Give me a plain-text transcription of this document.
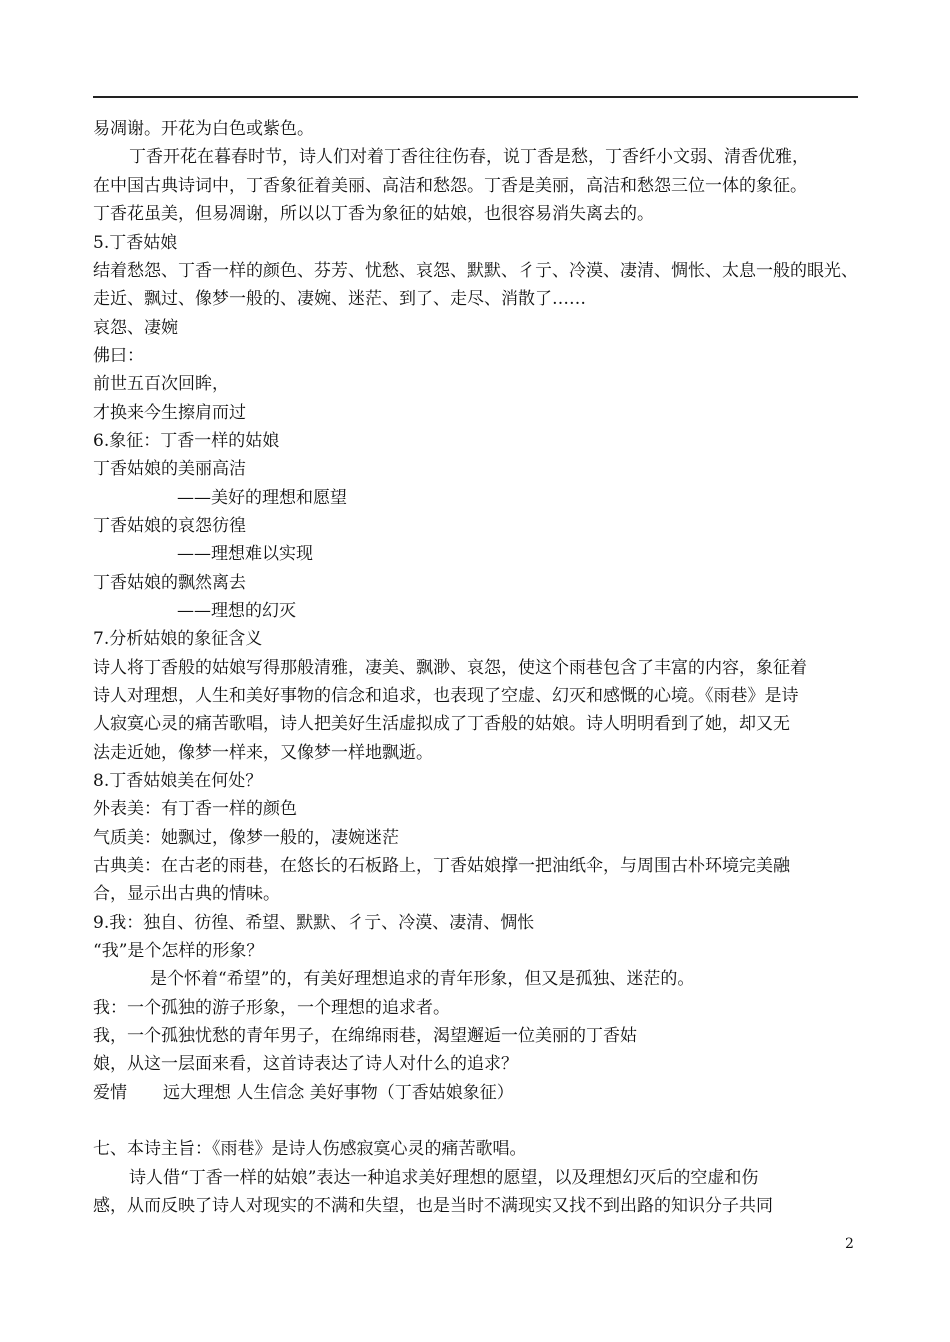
易凋谢。开花为白色或紫色。
丁香开花在暮春时节，诗人们对着丁香往往伤春，说丁香是愁，丁香纤小文弱、清香优雅，
在中国古典诗词中，丁香象征着美丽、高洁和愁怨。丁香是美丽，高洁和愁怨三位一体的象征。
丁香花虽美，但易凋谢，所以以丁香为象征的姑娘，也很容易消失离去的。
5.丁香姑娘
结着愁怨、丁香一样的颜色、芬芳、忧愁、哀怨、默默、彳亍、冷漠、凄清、惆怅、太息一般的眼光、
走近、飘过、像梦一般的、凄婉、迷茫、到了、走尽、消散了……
哀怨、凄婉
佛曰：
前世五百次回眸，
才换来今生擦肩而过
6.象征：丁香一样的姑娘
丁香姑娘的美丽高洁
——美好的理想和愿望
丁香姑娘的哀怨彷徨
——理想难以实现
丁香姑娘的飘然离去
——理想的幻灭
7.分析姑娘的象征含义
诗人将丁香般的姑娘写得那般清雅，凄美、飘渺、哀怨，使这个雨巷包含了丰富的内容，象征着
诗人对理想，人生和美好事物的信念和追求，也表现了空虚、幻灭和感慨的心境。《雨巷》是诗
人寂寞心灵的痛苦歌唱，诗人把美好生活虚拟成了丁香般的姑娘。诗人明明看到了她，却又无
法走近她，像梦一样来，又像梦一样地飘逝。
8.丁香姑娘美在何处？
外表美：有丁香一样的颜色
气质美：她飘过，像梦一般的，凄婉迷茫
古典美：在古老的雨巷，在悠长的石板路上，丁香姑娘撑一把油纸伞，与周围古朴环境完美融
合，显示出古典的情味。
9.我：独自、彷徨、希望、默默、彳亍、冷漠、凄清、惆怅
“我”是个怎样的形象？
是个怀着“希望”的，有美好理想追求的青年形象，但又是孤独、迷茫的。
我：一个孤独的游子形象，一个理想的追求者。
我，一个孤独忧愁的青年男子，在绵绵雨巷，渴望邂逅一位美丽的丁香姑
娘，从这一层面来看，这首诗表达了诗人对什么的追求？
爱情 远大理想 人生信念 美好事物（丁香姑娘象征）
七、本诗主旨：《雨巷》是诗人伤感寂寞心灵的痛苦歌唱。
诗人借“丁香一样的姑娘”表达一种追求美好理想的愿望，以及理想幻灭后的空虚和伤
感，从而反映了诗人对现实的不满和失望，也是当时不满现实又找不到出路的知识分子共同
2
